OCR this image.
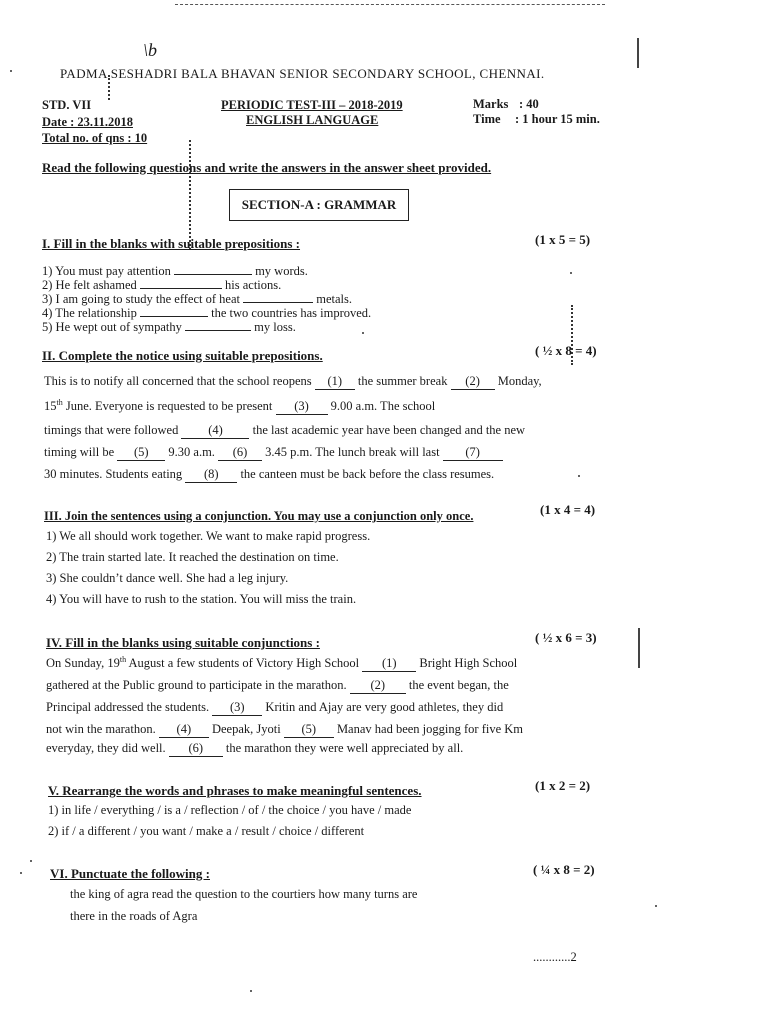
\b
PADMA SESHADRI BALA BHAVAN SENIOR SECONDARY SCHOOL, CHENNAI.
STD. VII
Date : 23.11.2018
Total no. of qns : 10
PERIODIC TEST-III – 2018-2019
ENGLISH LANGUAGE
Marks : 40
Time : 1 hour 15 min.
Read the following questions and write the answers in the answer sheet provided.
SECTION-A : GRAMMAR
I. Fill in the blanks with suitable prepositions :	(1 x 5 = 5)
1) You must pay attention	my words.
2) He felt ashamed	his actions.
3) I am going to study the effect of heat	metals.
4) The relationship	the two countries has improved.
5) He wept out of sympathy	my loss.
II. Complete the notice using suitable prepositions.	( ½ x 8 = 4)
This is to notify all concerned that the school reopens (1) the summer break (2) Monday,
15th June. Everyone is requested to be present (3) 9.00 a.m. The school
timings that were followed (4) the last academic year have been changed and the new
timing will be (5) 9.30 a.m. (6) 3.45 p.m. The lunch break will last (7)
30 minutes. Students eating (8) the canteen must be back before the class resumes.
III. Join the sentences using a conjunction. You may use a conjunction only once.	(1 x 4 = 4)
1) We all should work together. We want to make rapid progress.
2) The train started late. It reached the destination on time.
3) She couldn’t dance well. She had a leg injury.
4) You will have to rush to the station. You will miss the train.
IV. Fill in the blanks using suitable conjunctions :	( ½ x 6 = 3)
On Sunday, 19th August a few students of Victory High School (1) Bright High School
gathered at the Public ground to participate in the marathon. (2) the event began, the
Principal addressed the students. (3) Kritin and Ajay are very good athletes, they did
not win the marathon. (4) Deepak, Jyoti (5) Manav had been jogging for five Km
everyday, they did well. (6) the marathon they were well appreciated by all.
V. Rearrange the words and phrases to make meaningful sentences.	(1 x 2 = 2)
1) in life / everything / is a / reflection / of / the choice / you have / made
2) if / a different / you want / make a / result / choice / different
VI. Punctuate the following :	( ¼ x 8 = 2)
the king of agra read the question to the courtiers how many turns are
there in the roads of Agra
............2
